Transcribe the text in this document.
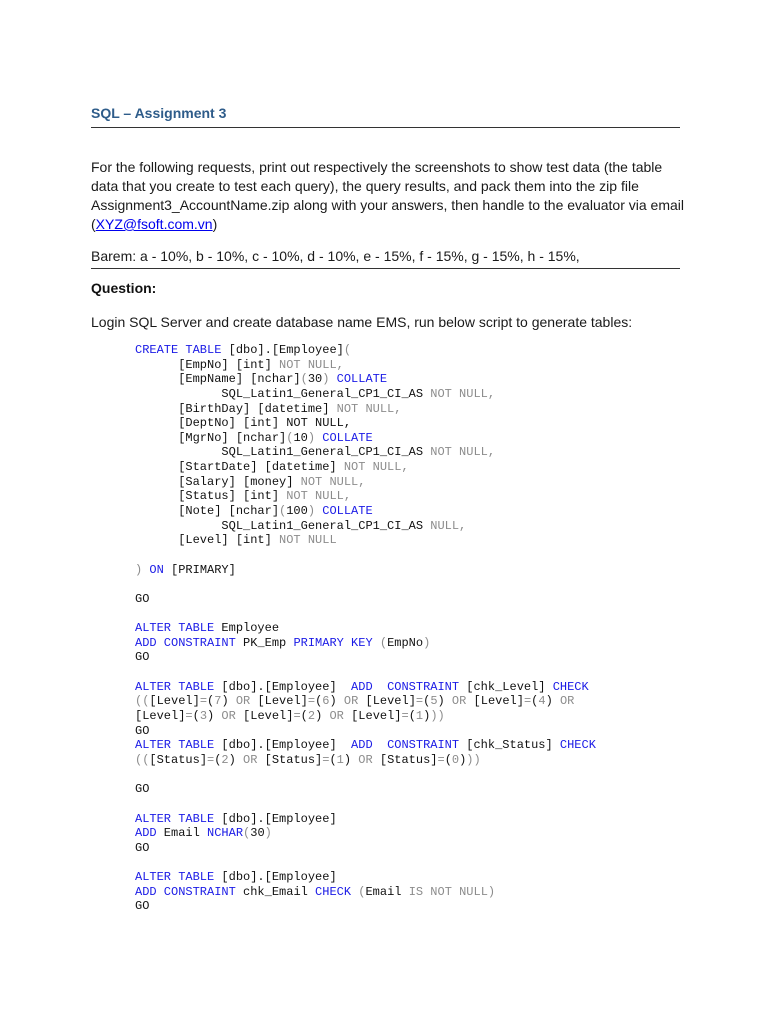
SQL – Assignment 3
For the following requests, print out respectively the screenshots to show test data (the table data that you create to test each query), the query results, and pack them into the zip file Assignment3_AccountName.zip along with your answers, then handle to the evaluator via email (XYZ@fsoft.com.vn)
Barem: a - 10%, b - 10%, c - 10%, d - 10%, e - 15%, f - 15%, g - 15%, h - 15%,
Question:
Login SQL Server and create database name EMS, run below script to generate tables:
CREATE TABLE [dbo].[Employee](
[EmpNo] [int] NOT NULL,
[EmpName] [nchar](30) COLLATE
SQL_Latin1_General_CP1_CI_AS NOT NULL,
[BirthDay] [datetime] NOT NULL,
[DeptNo] [int] NOT NULL,
[MgrNo] [nchar](10) COLLATE
SQL_Latin1_General_CP1_CI_AS NOT NULL,
[StartDate] [datetime] NOT NULL,
[Salary] [money] NOT NULL,
[Status] [int] NOT NULL,
[Note] [nchar](100) COLLATE
SQL_Latin1_General_CP1_CI_AS NULL,
[Level] [int] NOT NULL

) ON [PRIMARY]

GO

ALTER TABLE Employee
ADD CONSTRAINT PK_Emp PRIMARY KEY (EmpNo)
GO

ALTER TABLE [dbo].[Employee]  ADD CONSTRAINT [chk_Level] CHECK
(([Level]=(7) OR [Level]=(6) OR [Level]=(5) OR [Level]=(4) OR
[Level]=(3) OR [Level]=(2) OR [Level]=(1)))
GO
ALTER TABLE [dbo].[Employee]  ADD CONSTRAINT [chk_Status] CHECK
(([Status]=(2) OR [Status]=(1) OR [Status]=(0)))

GO

ALTER TABLE [dbo].[Employee]
ADD Email NCHAR(30)
GO

ALTER TABLE [dbo].[Employee]
ADD CONSTRAINT chk_Email CHECK (Email IS NOT NULL)
GO
